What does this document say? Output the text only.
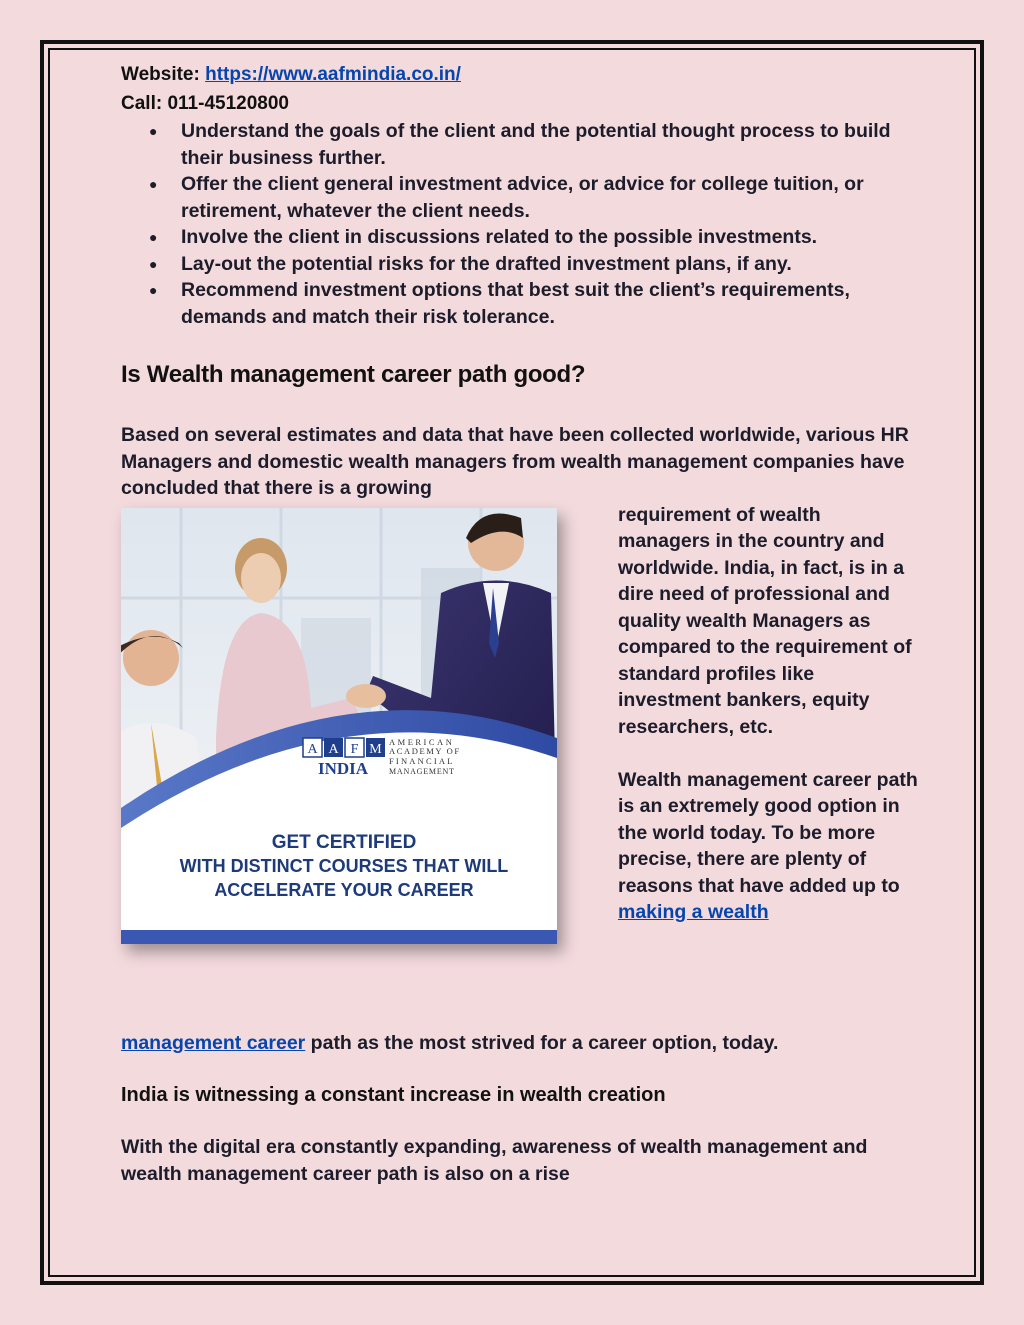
Website: https://www.aafmindia.co.in/
Call: 011-45120800
● Understand the goals of the client and the potential thought process to build their business further.
● Offer the client general investment advice, or advice for college tuition, or retirement, whatever the client needs.
● Involve the client in discussions related to the possible investments.
● Lay-out the potential risks for the drafted investment plans, if any.
● Recommend investment options that best suit the client’s requirements, demands and match their risk tolerance.
Is Wealth management career path good?
Based on several estimates and data that have been collected worldwide, various HR Managers and domestic wealth managers from wealth management companies have concluded that there is a growing
A A F M
INDIA
AMERICAN
ACADEMY OF
FINANCIAL
MANAGEMENT
GET CERTIFIED
WITH DISTINCT COURSES THAT WILL
ACCELERATE YOUR CAREER
requirement of wealth managers in the country and worldwide. India, in fact, is in a dire need of professional and quality wealth Managers as compared to the requirement of standard profiles like investment bankers, equity researchers, etc.
Wealth management career path is an extremely good option in the world today. To be more precise, there are plenty of reasons that have added up to making a wealth
management career path as the most strived for a career option, today.
India is witnessing a constant increase in wealth creation
With the digital era constantly expanding, awareness of wealth management and wealth management career path is also on a rise
